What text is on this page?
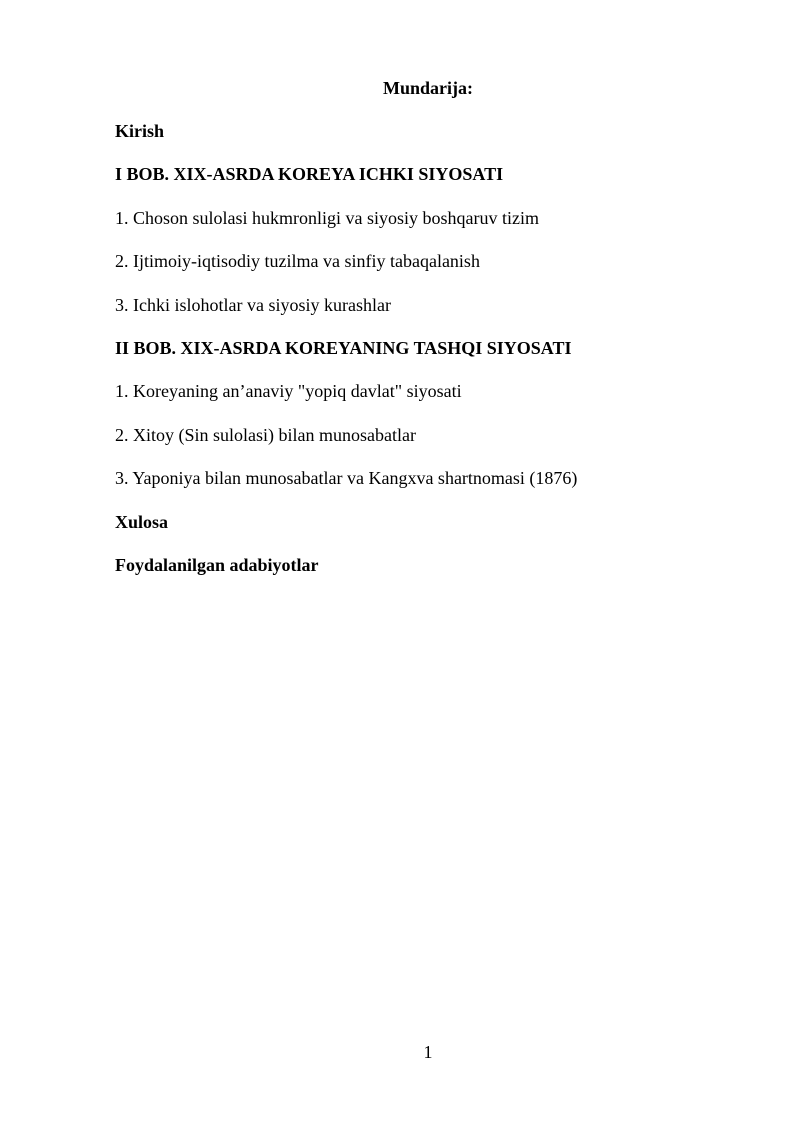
Mundarija:
Kirish
I BOB. XIX-ASRDA KOREYA ICHKI SIYOSATI
1. Choson sulolasi hukmronligi va siyosiy boshqaruv tizim
2. Ijtimoiy-iqtisodiy tuzilma va sinfiy tabaqalanish
3. Ichki islohotlar va siyosiy kurashlar
II BOB. XIX-ASRDA KOREYANING TASHQI SIYOSATI
1. Koreyaning an’anaviy "yopiq davlat" siyosati
2. Xitoy (Sin sulolasi) bilan munosabatlar
3. Yaponiya bilan munosabatlar va Kangxva shartnomasi (1876)
Xulosa
Foydalanilgan adabiyotlar
1
